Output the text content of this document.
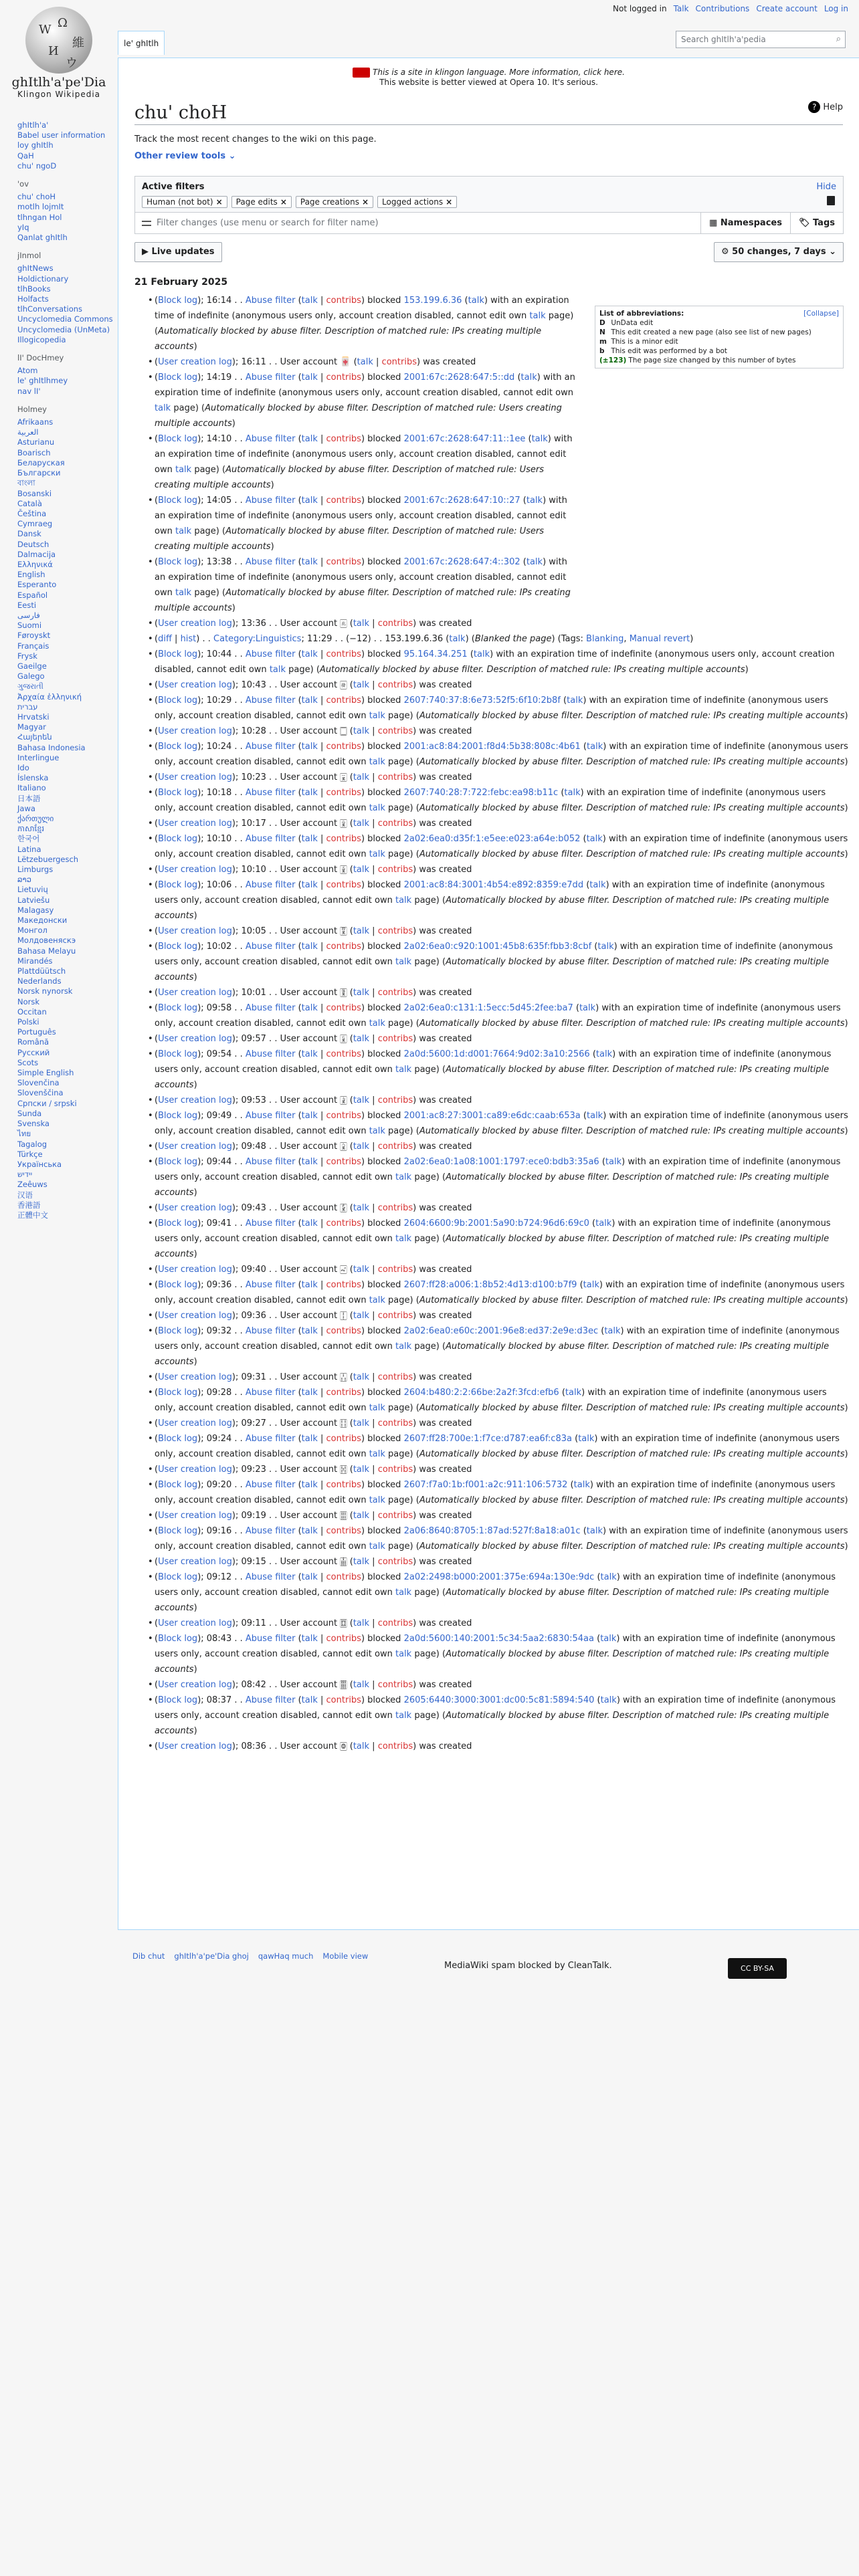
Not logged in Talk Contributions Create account Log in
W Ω
維
И
ウ
ghItlh'a'pe'Dia
Klingon Wikipedia
le' ghItlh	Search ghItlh'a'pedia	⌕
ghItlh'a'
Babel user information
loy ghItlh
QaH
chu' ngoD
'ov
chu' choH
motlh lojmIt
tlhngan Hol
yIq
Qanlat ghItlh
jInmol
ghItNews
Holdictionary
tlhBooks
Holfacts
tlhConversations
Uncyclomedia Commons
Uncyclomedia (UnMeta)
Illogicopedia
lI' DocHmey
Atom
le' ghItlhmey
nav lI'
Holmey
Afrikaans
العربية
Asturianu
Boarisch
Беларуская
Български
বাংলা
Bosanski
Català
Čeština
Cymraeg
Dansk
Deutsch
Dalmacija
Ελληνικά
English
Esperanto
Español
Eesti
فارسی
Suomi
Føroyskt
Français
Frysk
Gaeilge
Galego
ગુજરાતી
Ἀρχαία ἑλληνική
עברית
Hrvatski
Magyar
Հայերեն
Bahasa Indonesia
Interlingue
Ido
Íslenska
Italiano
日本語
Jawa
ქართული
ភាសាខ្មែរ
한국어
Latina
Lëtzebuergesch
Limburgs
ລາວ
Lietuvių
Latviešu
Malagasy
Македонски
Монгол
Молдовеняскэ
Bahasa Melayu
Mirandés
Plattdüütsch
Nederlands
Norsk nynorsk
Norsk
Occitan
Polski
Português
Română
Русский
Scots
Simple English
Slovenčina
Slovenščina
Српски / srpski
Sunda
Svenska
ไทย
Tagalog
Türkçe
Українська
יידיש
Zeêuws
汉语
香港語
正體中文
This is a site in klingon language. More information, click here.
This website is better viewed at Opera 10. It's serious.
chu' choH	? Help
Track the most recent changes to the wiki on this page.
Other review tools ⌄
Active filters	Hide
Human (not bot) ×	Page edits ×	Page creations ×	Logged actions ×
Filter changes (use menu or search for filter name)	▦ Namespaces	🏷 Tags
▶ Live updates	⚙ 50 changes, 7 days ⌄
21 February 2025
List of abbreviations:	[Collapse]
D UnData edit
N This edit created a new page (also see list of new pages)
m This is a minor edit
b This edit was performed by a bot
(±123) The page size changed by this number of bytes
• (Block log); 16:14 . . Abuse filter (talk | contribs) blocked 153.199.6.36 (talk) with an expiration time of indefinite (anonymous users only, account creation disabled, cannot edit own talk page) (Automatically blocked by abuse filter. Description of matched rule: IPs creating multiple accounts)
• (User creation log); 16:11 . . User account 🀄 (talk | contribs) was created
• (Block log); 14:19 . . Abuse filter (talk | contribs) blocked 2001:67c:2628:647:5::dd (talk) with an expiration time of indefinite (anonymous users only, account creation disabled, cannot edit own talk page) (Automatically blocked by abuse filter. Description of matched rule: Users creating multiple accounts)
• (Block log); 14:10 . . Abuse filter (talk | contribs) blocked 2001:67c:2628:647:11::1ee (talk) with an expiration time of indefinite (anonymous users only, account creation disabled, cannot edit own talk page) (Automatically blocked by abuse filter. Description of matched rule: Users creating multiple accounts)
• (Block log); 14:05 . . Abuse filter (talk | contribs) blocked 2001:67c:2628:647:10::27 (talk) with an expiration time of indefinite (anonymous users only, account creation disabled, cannot edit own talk page) (Automatically blocked by abuse filter. Description of matched rule: Users creating multiple accounts)
• (Block log); 13:38 . . Abuse filter (talk | contribs) blocked 2001:67c:2628:647:4::302 (talk) with an expiration time of indefinite (anonymous users only, account creation disabled, cannot edit own talk page) (Automatically blocked by abuse filter. Description of matched rule: IPs creating multiple accounts)
• (User creation log); 13:36 . . User account 🀃 (talk | contribs) was created
• (diff | hist) . . Category:Linguistics; 11:29 . . (−12) . . 153.199.6.36 (talk) (Blanked the page) (Tags: Blanking, Manual revert)
• (Block log); 10:44 . . Abuse filter (talk | contribs) blocked 95.164.34.251 (talk) with an expiration time of indefinite (anonymous users only, account creation disabled, cannot edit own talk page) (Automatically blocked by abuse filter. Description of matched rule: IPs creating multiple accounts)
• (User creation log); 10:43 . . User account 🀅 (talk | contribs) was created
• (Block log); 10:29 . . Abuse filter (talk | contribs) blocked 2607:740:37:8:6e73:52f5:6f10:2b8f (talk) with an expiration time of indefinite (anonymous users only, account creation disabled, cannot edit own talk page) (Automatically blocked by abuse filter. Description of matched rule: IPs creating multiple accounts)
• (User creation log); 10:28 . . User account 🀆 (talk | contribs) was created
• (Block log); 10:24 . . Abuse filter (talk | contribs) blocked 2001:ac8:84:2001:f8d4:5b38:808c:4b61 (talk) with an expiration time of indefinite (anonymous users only, account creation disabled, cannot edit own talk page) (Automatically blocked by abuse filter. Description of matched rule: IPs creating multiple accounts)
• (User creation log); 10:23 . . User account 🀇 (talk | contribs) was created
• (Block log); 10:18 . . Abuse filter (talk | contribs) blocked 2607:740:28:7:722:febc:ea98:b11c (talk) with an expiration time of indefinite (anonymous users only, account creation disabled, cannot edit own talk page) (Automatically blocked by abuse filter. Description of matched rule: IPs creating multiple accounts)
• (User creation log); 10:17 . . User account 🀈 (talk | contribs) was created
• (Block log); 10:10 . . Abuse filter (talk | contribs) blocked 2a02:6ea0:d35f:1:e5ee:e023:a64e:b052 (talk) with an expiration time of indefinite (anonymous users only, account creation disabled, cannot edit own talk page) (Automatically blocked by abuse filter. Description of matched rule: IPs creating multiple accounts)
• (User creation log); 10:10 . . User account 🀉 (talk | contribs) was created
• (Block log); 10:06 . . Abuse filter (talk | contribs) blocked 2001:ac8:84:3001:4b54:e892:8359:e7dd (talk) with an expiration time of indefinite (anonymous users only, account creation disabled, cannot edit own talk page) (Automatically blocked by abuse filter. Description of matched rule: IPs creating multiple accounts)
• (User creation log); 10:05 . . User account 🀊 (talk | contribs) was created
• (Block log); 10:02 . . Abuse filter (talk | contribs) blocked 2a02:6ea0:c920:1001:45b8:635f:fbb3:8cbf (talk) with an expiration time of indefinite (anonymous users only, account creation disabled, cannot edit own talk page) (Automatically blocked by abuse filter. Description of matched rule: IPs creating multiple accounts)
• (User creation log); 10:01 . . User account 🀋 (talk | contribs) was created
• (Block log); 09:58 . . Abuse filter (talk | contribs) blocked 2a02:6ea0:c131:1:5ecc:5d45:2fee:ba7 (talk) with an expiration time of indefinite (anonymous users only, account creation disabled, cannot edit own talk page) (Automatically blocked by abuse filter. Description of matched rule: IPs creating multiple accounts)
• (User creation log); 09:57 . . User account 🀌 (talk | contribs) was created
• (Block log); 09:54 . . Abuse filter (talk | contribs) blocked 2a0d:5600:1d:d001:7664:9d02:3a10:2566 (talk) with an expiration time of indefinite (anonymous users only, account creation disabled, cannot edit own talk page) (Automatically blocked by abuse filter. Description of matched rule: IPs creating multiple accounts)
• (User creation log); 09:53 . . User account 🀍 (talk | contribs) was created
• (Block log); 09:49 . . Abuse filter (talk | contribs) blocked 2001:ac8:27:3001:ca89:e6dc:caab:653a (talk) with an expiration time of indefinite (anonymous users only, account creation disabled, cannot edit own talk page) (Automatically blocked by abuse filter. Description of matched rule: IPs creating multiple accounts)
• (User creation log); 09:48 . . User account 🀎 (talk | contribs) was created
• (Block log); 09:44 . . Abuse filter (talk | contribs) blocked 2a02:6ea0:1a08:1001:1797:ece0:bdb3:35a6 (talk) with an expiration time of indefinite (anonymous users only, account creation disabled, cannot edit own talk page) (Automatically blocked by abuse filter. Description of matched rule: IPs creating multiple accounts)
• (User creation log); 09:43 . . User account 🀏 (talk | contribs) was created
• (Block log); 09:41 . . Abuse filter (talk | contribs) blocked 2604:6600:9b:2001:5a90:b724:96d6:69c0 (talk) with an expiration time of indefinite (anonymous users only, account creation disabled, cannot edit own talk page) (Automatically blocked by abuse filter. Description of matched rule: IPs creating multiple accounts)
• (User creation log); 09:40 . . User account 🀐 (talk | contribs) was created
• (Block log); 09:36 . . Abuse filter (talk | contribs) blocked 2607:ff28:a006:1:8b52:4d13:d100:b7f9 (talk) with an expiration time of indefinite (anonymous users only, account creation disabled, cannot edit own talk page) (Automatically blocked by abuse filter. Description of matched rule: IPs creating multiple accounts)
• (User creation log); 09:36 . . User account 🀑 (talk | contribs) was created
• (Block log); 09:32 . . Abuse filter (talk | contribs) blocked 2a02:6ea0:e60c:2001:96e8:ed37:2e9e:d3ec (talk) with an expiration time of indefinite (anonymous users only, account creation disabled, cannot edit own talk page) (Automatically blocked by abuse filter. Description of matched rule: IPs creating multiple accounts)
• (User creation log); 09:31 . . User account 🀒 (talk | contribs) was created
• (Block log); 09:28 . . Abuse filter (talk | contribs) blocked 2604:b480:2:2:66be:2a2f:3fcd:efb6 (talk) with an expiration time of indefinite (anonymous users only, account creation disabled, cannot edit own talk page) (Automatically blocked by abuse filter. Description of matched rule: IPs creating multiple accounts)
• (User creation log); 09:27 . . User account 🀓 (talk | contribs) was created
• (Block log); 09:24 . . Abuse filter (talk | contribs) blocked 2607:ff28:700e:1:f7ce:d787:ea6f:c83a (talk) with an expiration time of indefinite (anonymous users only, account creation disabled, cannot edit own talk page) (Automatically blocked by abuse filter. Description of matched rule: IPs creating multiple accounts)
• (User creation log); 09:23 . . User account 🀔 (talk | contribs) was created
• (Block log); 09:20 . . Abuse filter (talk | contribs) blocked 2607:f7a0:1b:f001:a2c:911:106:5732 (talk) with an expiration time of indefinite (anonymous users only, account creation disabled, cannot edit own talk page) (Automatically blocked by abuse filter. Description of matched rule: IPs creating multiple accounts)
• (User creation log); 09:19 . . User account 🀕 (talk | contribs) was created
• (Block log); 09:16 . . Abuse filter (talk | contribs) blocked 2a06:8640:8705:1:87ad:527f:8a18:a01c (talk) with an expiration time of indefinite (anonymous users only, account creation disabled, cannot edit own talk page) (Automatically blocked by abuse filter. Description of matched rule: IPs creating multiple accounts)
• (User creation log); 09:15 . . User account 🀖 (talk | contribs) was created
• (Block log); 09:12 . . Abuse filter (talk | contribs) blocked 2a02:2498:b000:2001:375e:694a:130e:9dc (talk) with an expiration time of indefinite (anonymous users only, account creation disabled, cannot edit own talk page) (Automatically blocked by abuse filter. Description of matched rule: IPs creating multiple accounts)
• (User creation log); 09:11 . . User account 🀗 (talk | contribs) was created
• (Block log); 08:43 . . Abuse filter (talk | contribs) blocked 2a0d:5600:140:2001:5c34:5aa2:6830:54aa (talk) with an expiration time of indefinite (anonymous users only, account creation disabled, cannot edit own talk page) (Automatically blocked by abuse filter. Description of matched rule: IPs creating multiple accounts)
• (User creation log); 08:42 . . User account 🀘 (talk | contribs) was created
• (Block log); 08:37 . . Abuse filter (talk | contribs) blocked 2605:6440:3000:3001:dc00:5c81:5894:540 (talk) with an expiration time of indefinite (anonymous users only, account creation disabled, cannot edit own talk page) (Automatically blocked by abuse filter. Description of matched rule: IPs creating multiple accounts)
• (User creation log); 08:36 . . User account 🀙 (talk | contribs) was created
Dib chut ghItlh'a'pe'Dia ghoj qawHaq much Mobile view
MediaWiki spam blocked by CleanTalk.	CC BY-SA
